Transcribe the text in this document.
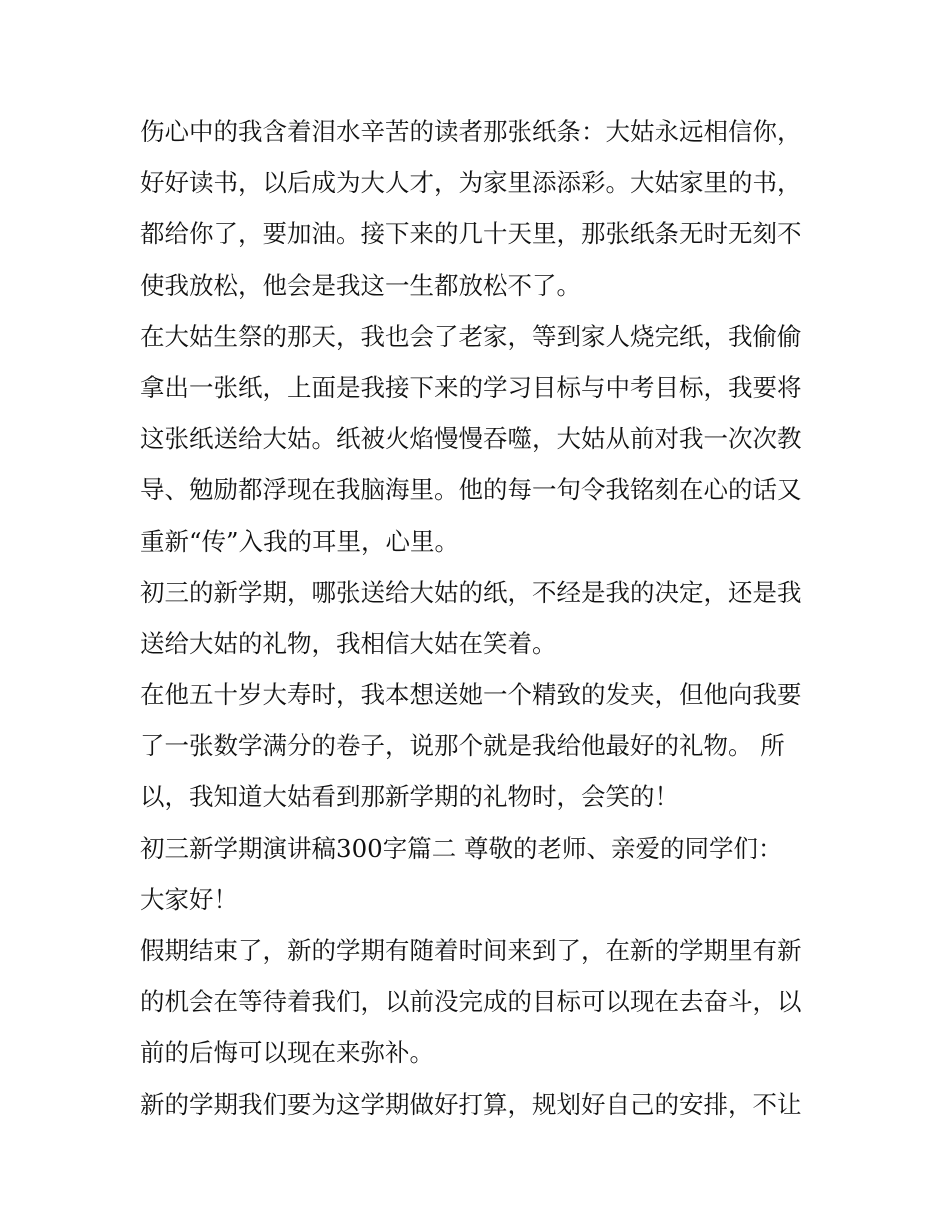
伤心中的我含着泪水辛苦的读者那张纸条：大姑永远相信你，
好好读书，以后成为大人才，为家里添添彩。大姑家里的书，
都给你了，要加油。接下来的几十天里，那张纸条无时无刻不
使我放松，他会是我这一生都放松不了。
在大姑生祭的那天，我也会了老家，等到家人烧完纸，我偷偷
拿出一张纸，上面是我接下来的学习目标与中考目标，我要将
这张纸送给大姑。纸被火焰慢慢吞噬，大姑从前对我一次次教
导、勉励都浮现在我脑海里。他的每一句令我铭刻在心的话又
重新“传”入我的耳里，心里。
初三的新学期，哪张送给大姑的纸，不经是我的决定，还是我
送给大姑的礼物，我相信大姑在笑着。
在他五十岁大寿时，我本想送她一个精致的发夹，但他向我要
了一张数学满分的卷子，说那个就是我给他最好的礼物。 所
以，我知道大姑看到那新学期的礼物时，会笑的！
初三新学期演讲稿300字篇二 尊敬的老师、亲爱的同学们：
大家好！
假期结束了，新的学期有随着时间来到了，在新的学期里有新
的机会在等待着我们，以前没完成的目标可以现在去奋斗，以
前的后悔可以现在来弥补。
新的学期我们要为这学期做好打算，规划好自己的安排，不让
